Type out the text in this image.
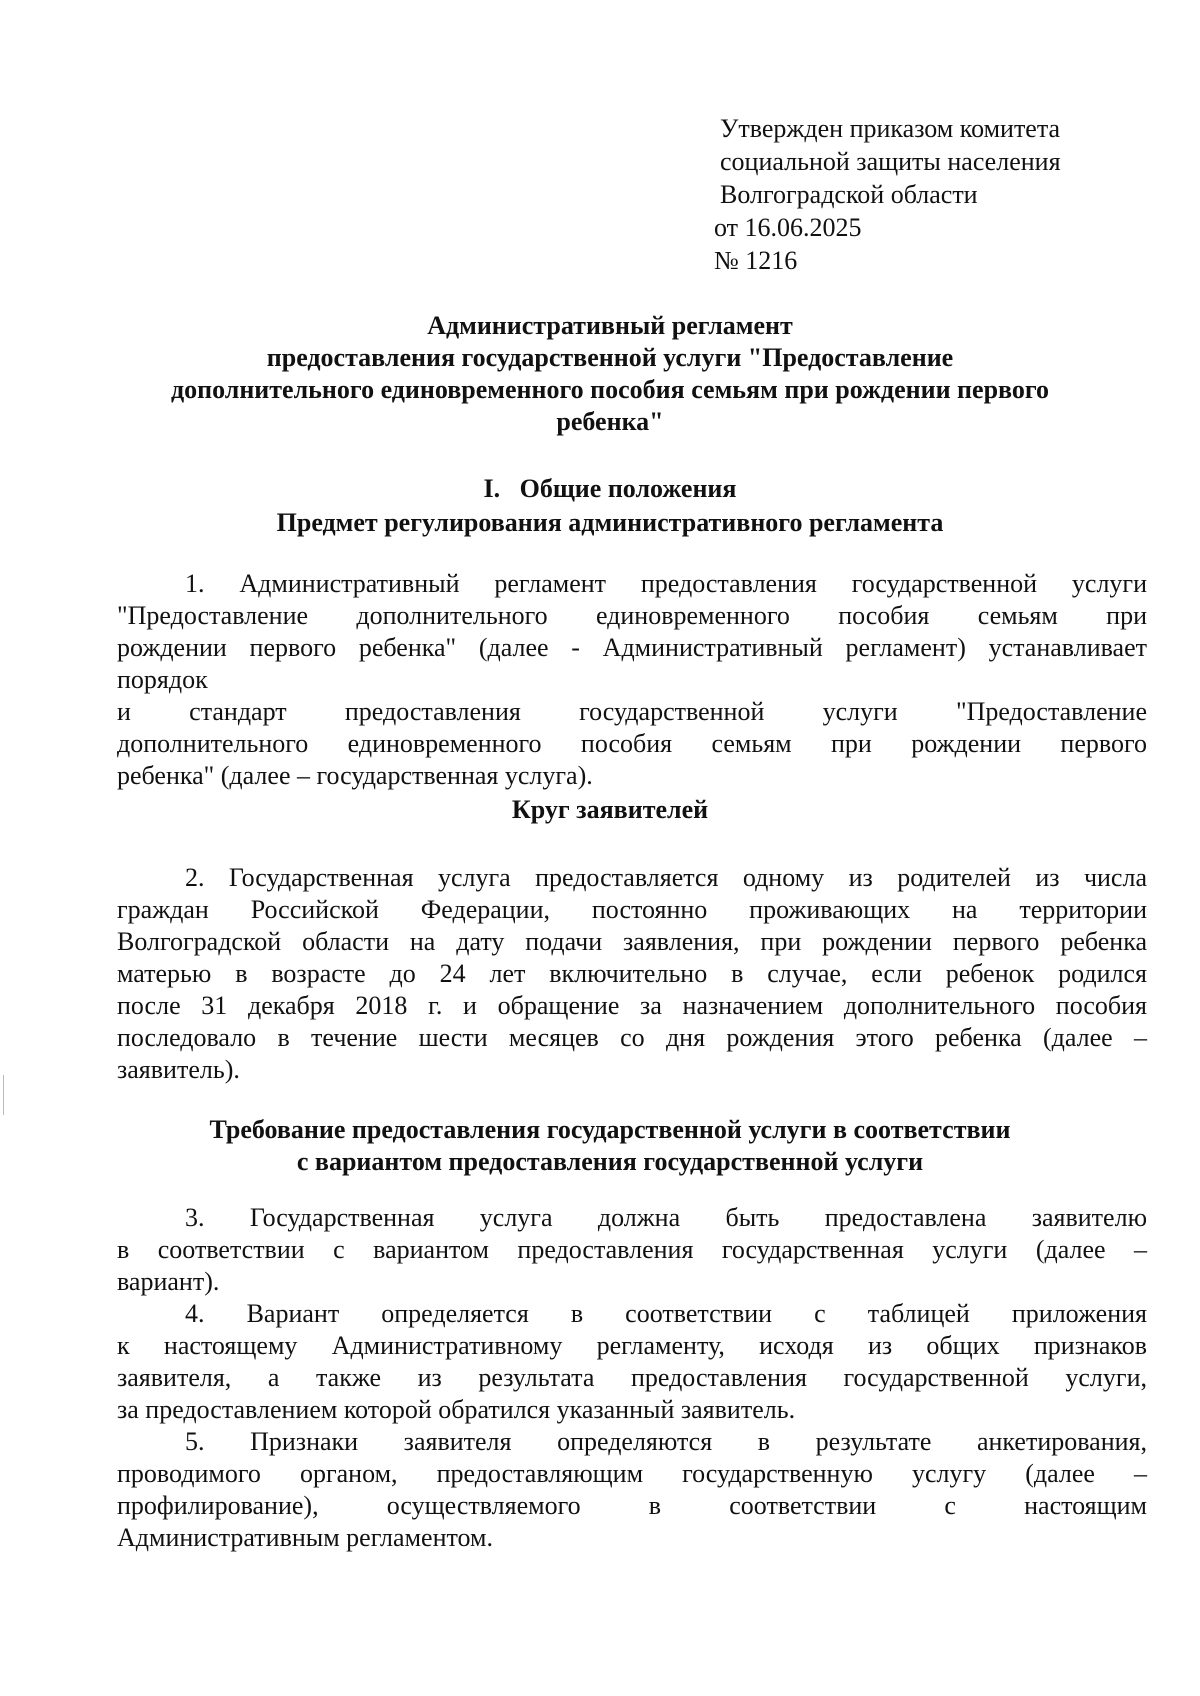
Утвержден приказом комитета
социальной защиты населения
Волгоградской области
от 16.06.2025
№ 1216
Административный регламент
предоставления государственной услуги "Предоставление
дополнительного единовременного пособия семьям при рождении первого
ребенка"
I.   Общие положения
Предмет регулирования административного регламента
1. Административный регламент предоставления государственной услуги
"Предоставление дополнительного единовременного пособия семьям при
рождении первого ребенка" (далее - Административный регламент) устанавливает
порядок
и стандарт предоставления государственной услуги "Предоставление
дополнительного единовременного пособия семьям при рождении первого
ребенка" (далее – государственная услуга).
Круг заявителей
2. Государственная услуга предоставляется одному из родителей из числа
граждан Российской Федерации, постоянно проживающих на территории
Волгоградской области на дату подачи заявления, при рождении первого ребенка
матерью в возрасте до 24 лет включительно в случае, если ребенок родился
после 31 декабря 2018 г. и обращение за назначением дополнительного пособия
последовало в течение шести месяцев со дня рождения этого ребенка (далее –
заявитель).
Требование предоставления государственной услуги в соответствии
с вариантом предоставления государственной услуги
3. Государственная услуга должна быть предоставлена заявителю
в соответствии с вариантом предоставления государственная услуги (далее –
вариант).
4. Вариант определяется в соответствии с таблицей приложения
к настоящему Административному регламенту, исходя из общих признаков
заявителя, а также из результата предоставления государственной услуги,
за предоставлением которой обратился указанный заявитель.
5. Признаки заявителя определяются в результате анкетирования,
проводимого органом, предоставляющим государственную услугу (далее –
профилирование), осуществляемого в соответствии с настоящим
Административным регламентом.
